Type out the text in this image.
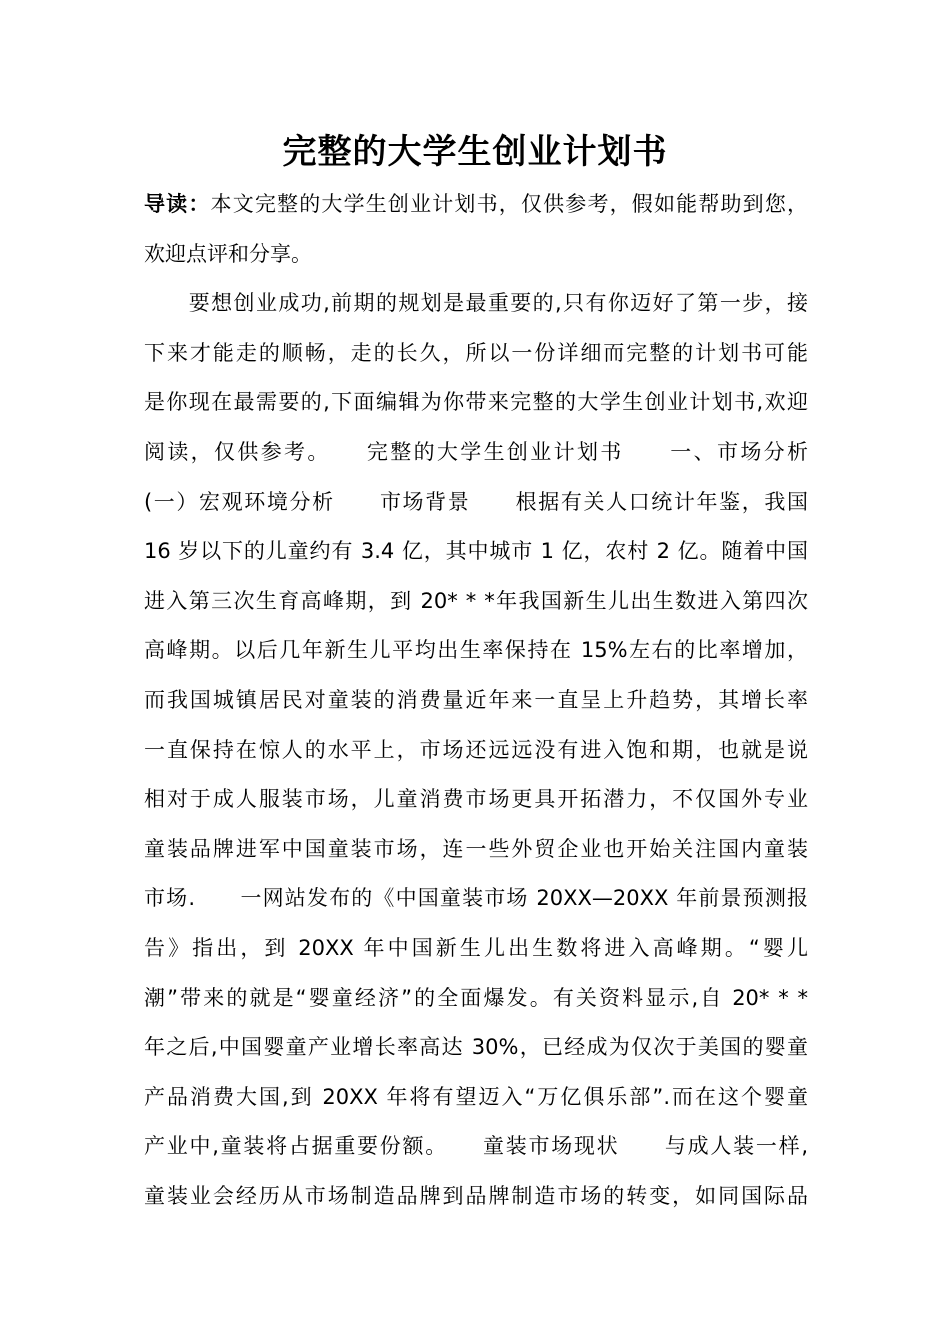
完整的大学生创业计划书
导读：本文完整的大学生创业计划书，仅供参考，假如能帮助到您，
欢迎点评和分享。
　　要想创业成功,前期的规划是最重要的,只有你迈好了第一步，接
下来才能走的顺畅，走的长久，所以一份详细而完整的计划书可能
是你现在最需要的,下面编辑为你带来完整的大学生创业计划书,欢迎
阅读，仅供参考。　　完整的大学生创业计划书　　一、市场分析
(一）宏观环境分析　　市场背景　　根据有关人口统计年鉴，我国
16 岁以下的儿童约有 3.4 亿，其中城市 1 亿，农村 2 亿。随着中国
进入第三次生育高峰期，到 20* * *年我国新生儿出生数进入第四次
高峰期。以后几年新生儿平均出生率保持在 15%左右的比率增加，
而我国城镇居民对童装的消费量近年来一直呈上升趋势，其增长率
一直保持在惊人的水平上，市场还远远没有进入饱和期，也就是说
相对于成人服装市场，儿童消费市场更具开拓潜力，不仅国外专业
童装品牌进军中国童装市场，连一些外贸企业也开始关注国内童装
市场.　　一网站发布的《中国童装市场 20XX—20XX 年前景预测报
告》指出，到 20XX 年中国新生儿出生数将进入高峰期。“婴儿
潮”带来的就是“婴童经济”的全面爆发。有关资料显示,自 20* * *
年之后,中国婴童产业增长率高达 30%，已经成为仅次于美国的婴童
产品消费大国,到 20XX 年将有望迈入“万亿俱乐部”.而在这个婴童
产业中,童装将占据重要份额。　　童装市场现状　　与成人装一样,
童装业会经历从市场制造品牌到品牌制造市场的转变，如同国际品
